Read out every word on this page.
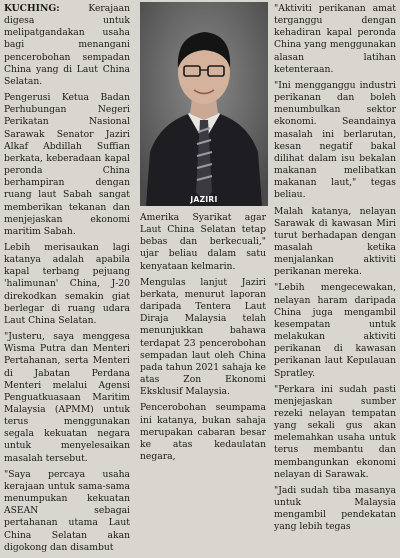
KUCHING:	Kerajaan digesa untuk melipatgandakan usaha bagi menangani pencerobohan sempadan China yang di Laut China Selatan.

Pengerusi Ketua Badan Perhubungan Negeri Perikatan Nasional Sarawak Senator Jaziri Alkaf Abdillah Suffian berkata, keberadaan kapal peronda China berhampiran dengan ruang laut Sabah sangat memberikan tekanan dan menjejaskan ekonomi maritim Sabah.

Lebih merisaukan lagi katanya adalah apabila kapal terbang pejuang 'halimunan' China, J-20 direkodkan semakin giat berlegar di ruang udara Laut China Selatan.

"Justeru, saya menggesa Wisma Putra dan Menteri Pertahanan, serta Menteri di Jabatan Perdana Menteri melalui Agensi Penguatkuasaan Maritim Malaysia (APMM) untuk terus menggunakan segala kekuatan negara untuk menyelesaikan masalah tersebut.

"Saya percaya usaha kerajaan untuk sama-sama menumpukan kekuatan ASEAN sebagai pertahanan utama Laut China Selatan akan digokong dan disambut

JAZIRI

Amerika Syarikat agar Laut China Selatan tetap bebas dan berkecuali," ujar beliau dalam satu kenyataan kelmarin.

Mengulas lanjut Jaziri berkata, menurut laporan daripada Tentera Laut Diraja Malaysia telah menunjukkan bahawa terdapat 23 pencerobohan sempadan laut oleh China pada tahun 2021 sahaja ke atas Zon Ekonomi Eksklusif Malaysia.

Pencerobohan seumpama ini katanya, bukan sahaja merupakan cabaran besar ke atas kedaulatan negara,

"Aktiviti perikanan amat terganggu dengan kehadiran kapal peronda China yang menggunakan alasan latihan ketenteraan.

"Ini mengganggu industri perikanan dan boleh menumbulkan sektor ekonomi. Seandainya masalah ini berlarutan, kesan negatif bakal dilihat dalam isu bekalan makanan melibatkan makanan laut," tegas beliau.

Malah katanya, nelayan Sarawak di kawasan Miri turut berhadapan dengan masalah ketika menjalankan aktiviti perikanan mereka.

"Lebih mengecewakan, nelayan haram daripada China juga mengambil kesempatan untuk melakukan aktiviti perikanan di kawasan perikanan laut Kepulauan Spratley.

"Perkara ini sudah pasti menjejaskan sumber rezeki nelayan tempatan yang sekali gus akan melemahkan usaha untuk terus membantu dan membangunkan ekonomi nelayan di Sarawak.

"Jadi sudah tiba masanya untuk Malaysia mengambil pendekatan yang lebih tegas
